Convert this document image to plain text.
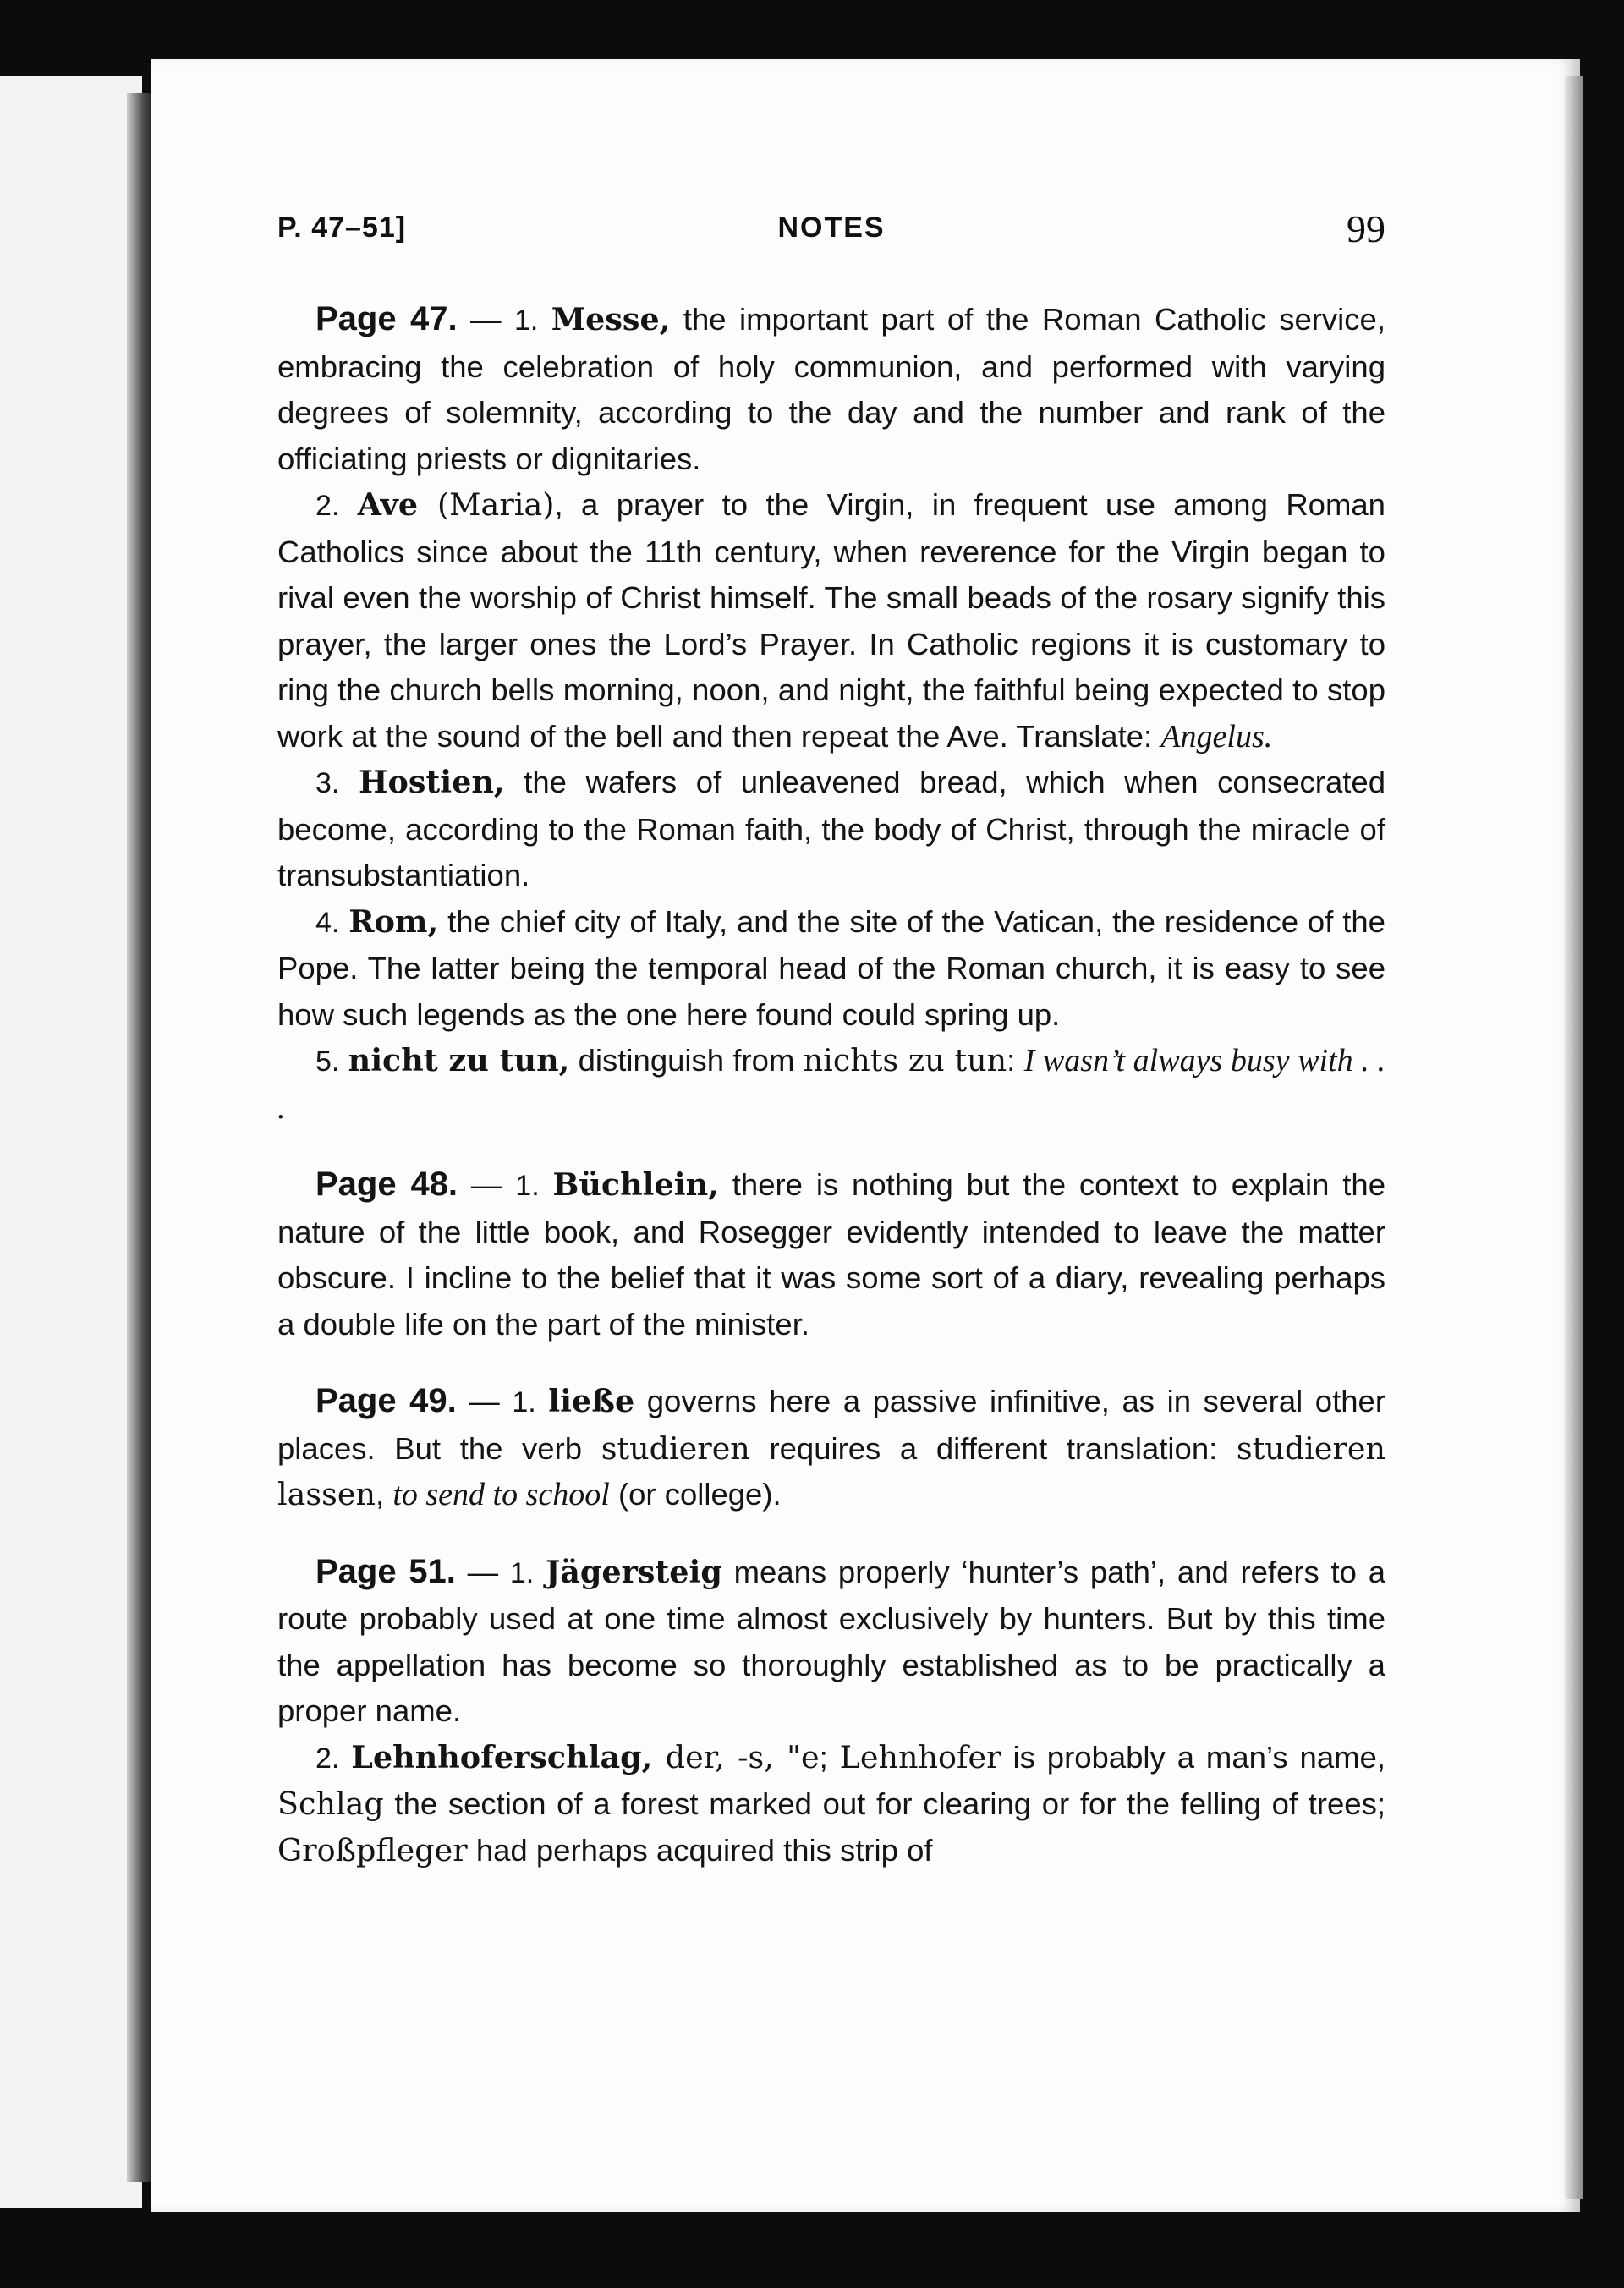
NOTES
P. 47–51]	99

Page 47. — 1. Messe, the important part of the Roman Catholic service, embracing the celebration of holy communion, and performed with varying degrees of solemnity, according to the day and the number and rank of the officiating priests or dignitaries.

2. Ave (Maria), a prayer to the Virgin, in frequent use among Roman Catholics since about the 11th century, when reverence for the Virgin began to rival even the worship of Christ himself. The small beads of the rosary signify this prayer, the larger ones the Lord’s Prayer. In Catholic regions it is customary to ring the church bells morning, noon, and night, the faithful being expected to stop work at the sound of the bell and then repeat the Ave. Translate: Angelus.

3. Hostien, the wafers of unleavened bread, which when consecrated become, according to the Roman faith, the body of Christ, through the miracle of transubstantiation.

4. Rom, the chief city of Italy, and the site of the Vatican, the residence of the Pope. The latter being the temporal head of the Roman church, it is easy to see how such legends as the one here found could spring up.

5. nicht zu tun, distinguish from nichts zu tun: I wasn’t always busy with . . .

Page 48. — 1. Büchlein, there is nothing but the context to explain the nature of the little book, and Rosegger evidently intended to leave the matter obscure. I incline to the belief that it was some sort of a diary, revealing perhaps a double life on the part of the minister.

Page 49. — 1. ließe governs here a passive infinitive, as in several other places. But the verb studieren requires a different translation: studieren lassen, to send to school (or college).

Page 51. — 1. Jägersteig means properly ‘hunter’s path’, and refers to a route probably used at one time almost exclusively by hunters. But by this time the appellation has become so thoroughly established as to be practically a proper name.

2. Lehnhoferschlag, der, -s, "e; Lehnhofer is probably a man’s name, Schlag the section of a forest marked out for clearing or for the felling of trees; Großpfleger had perhaps acquired this strip of
